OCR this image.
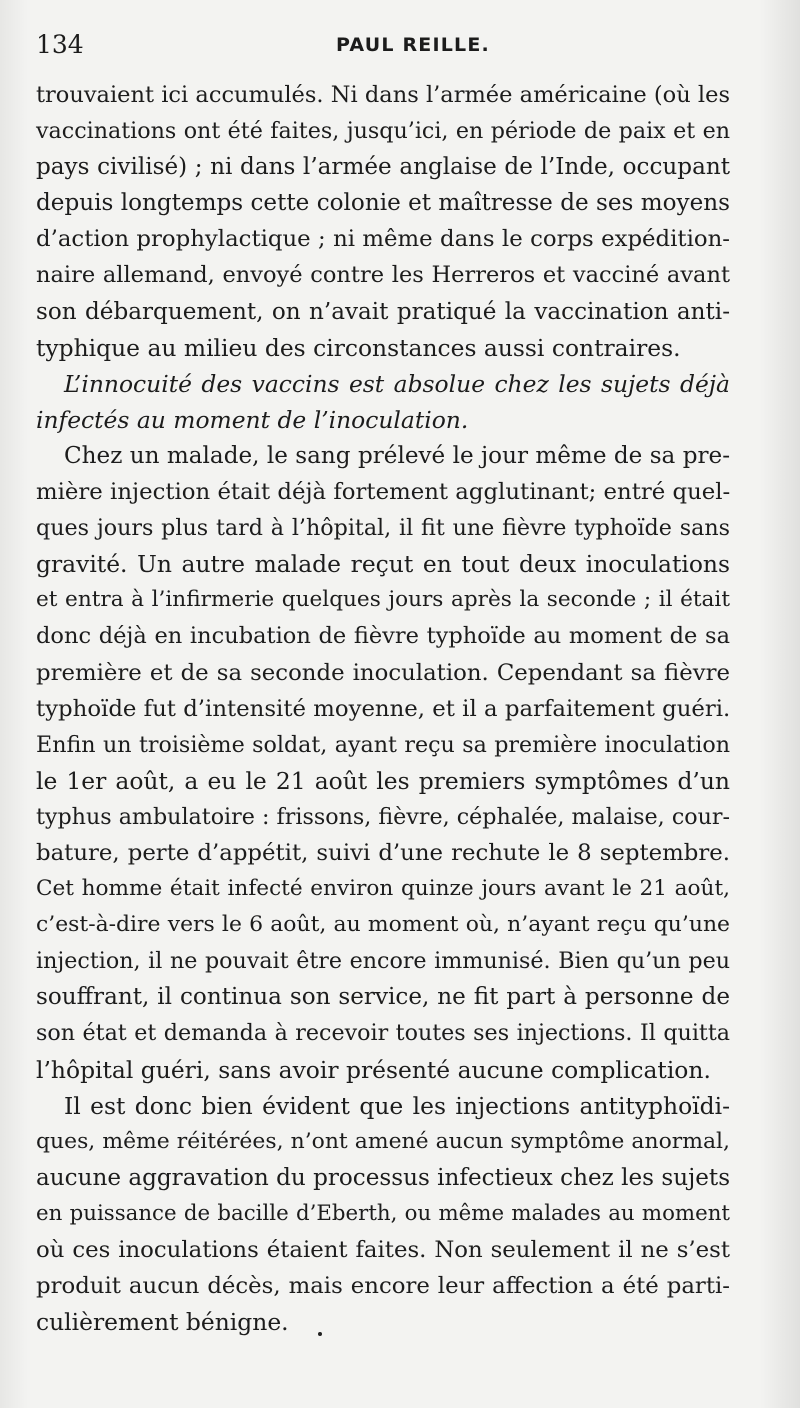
134	PAUL REILLE.
trouvaient ici accumulés. Ni dans l’armée américaine (où les
vaccinations ont été faites, jusqu’ici, en période de paix et en
pays civilisé) ; ni dans l’armée anglaise de l’Inde, occupant
depuis longtemps cette colonie et maîtresse de ses moyens
d’action prophylactique ; ni même dans le corps expédition-
naire allemand, envoyé contre les Herreros et vacciné avant
son débarquement, on n’avait pratiqué la vaccination anti-
typhique au milieu des circonstances aussi contraires.
L’innocuité des vaccins est absolue chez les sujets déjà
infectés au moment de l’inoculation.
Chez un malade, le sang prélevé le jour même de sa pre-
mière injection était déjà fortement agglutinant; entré quel-
ques jours plus tard à l’hôpital, il fit une fièvre typhoïde sans
gravité. Un autre malade reçut en tout deux inoculations
et entra à l’infirmerie quelques jours après la seconde ; il était
donc déjà en incubation de fièvre typhoïde au moment de sa
première et de sa seconde inoculation. Cependant sa fièvre
typhoïde fut d’intensité moyenne, et il a parfaitement guéri.
Enfin un troisième soldat, ayant reçu sa première inoculation
le 1er août, a eu le 21 août les premiers symptômes d’un
typhus ambulatoire : frissons, fièvre, céphalée, malaise, cour-
bature, perte d’appétit, suivi d’une rechute le 8 septembre.
Cet homme était infecté environ quinze jours avant le 21 août,
c’est-à-dire vers le 6 août, au moment où, n’ayant reçu qu’une
injection, il ne pouvait être encore immunisé. Bien qu’un peu
souffrant, il continua son service, ne fit part à personne de
son état et demanda à recevoir toutes ses injections. Il quitta
l’hôpital guéri, sans avoir présenté aucune complication.
Il est donc bien évident que les injections antityphoïdi-
ques, même réitérées, n’ont amené aucun symptôme anormal,
aucune aggravation du processus infectieux chez les sujets
en puissance de bacille d’Eberth, ou même malades au moment
où ces inoculations étaient faites. Non seulement il ne s’est
produit aucun décès, mais encore leur affection a été parti-
culièrement bénigne.
